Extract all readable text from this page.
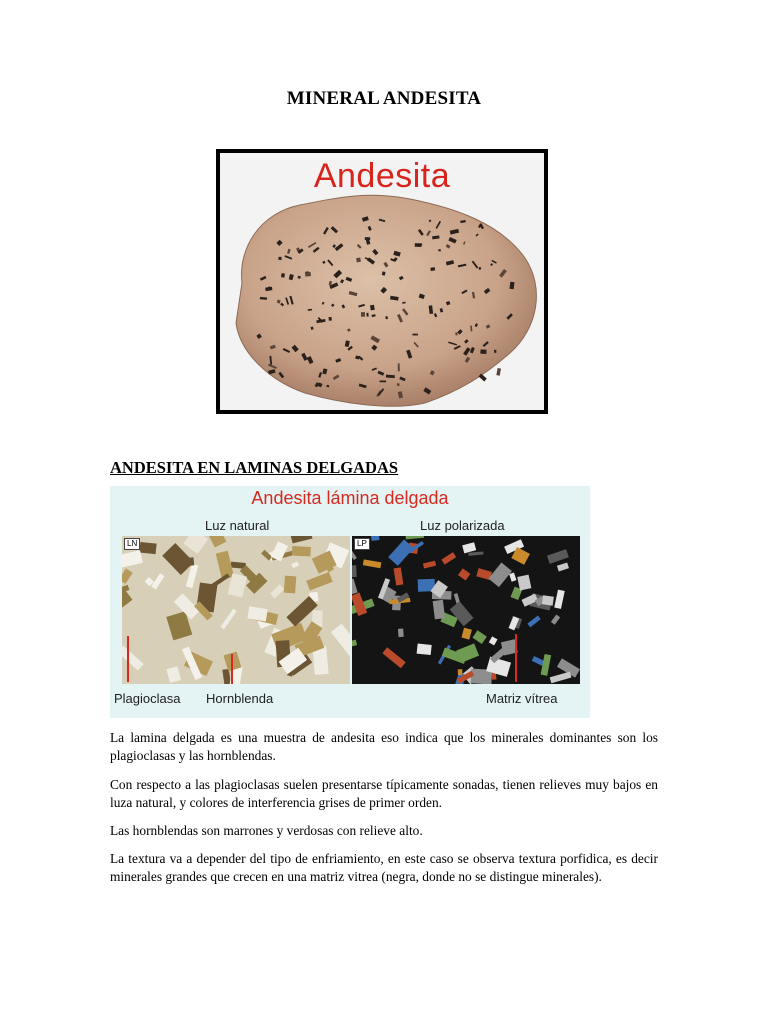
MINERAL ANDESITA
Andesita
ANDESITA EN LAMINAS DELGADAS
Andesita lámina delgada
Luz natural	Luz polarizada
LN	LP
Plagioclasa Hornblenda	Matriz vítrea

La lamina delgada es una muestra de andesita eso indica que los minerales dominantes son los plagioclasas y las hornblendas.

Con respecto a las plagioclasas suelen presentarse típicamente sonadas, tienen relieves muy bajos en luza natural, y colores de interferencia grises de primer orden.

Las hornblendas son marrones y verdosas con relieve alto.

La textura va a depender del tipo de enfriamiento, en este caso se observa textura porfidica, es decir minerales grandes que crecen en una matriz vitrea (negra, donde no se distingue minerales).
